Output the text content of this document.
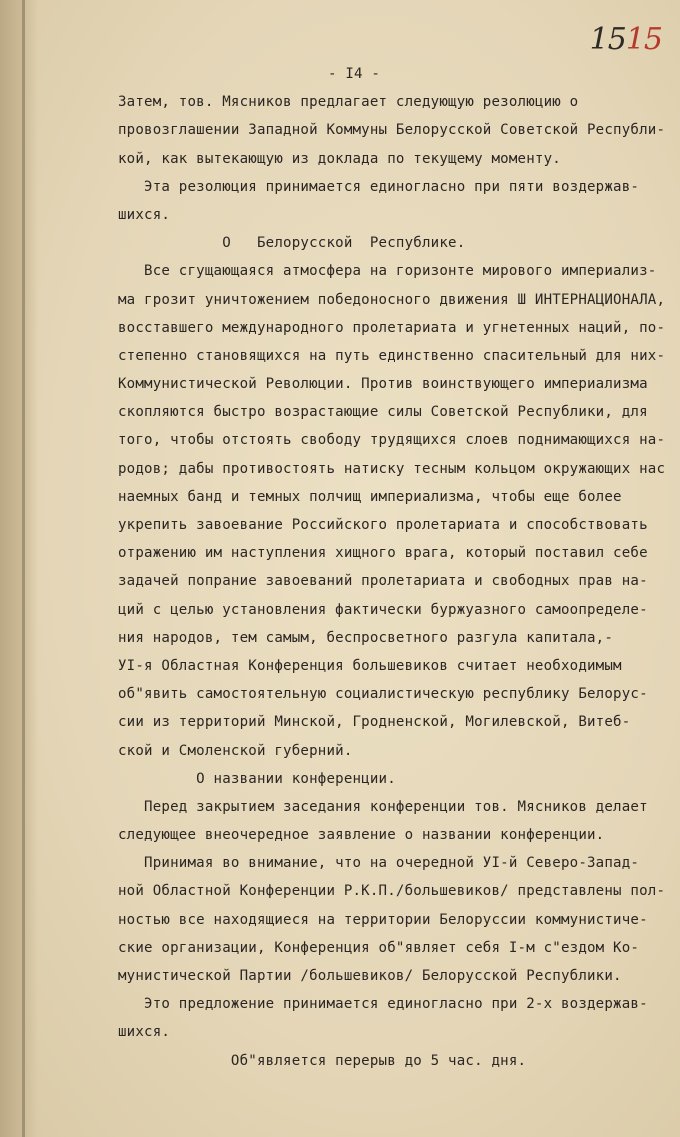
1515
- I4 -
Затем, тов. Мясников предлагает следующую резолюцию о
провозглашении Западной Коммуны Белорусской Советской Республи-
кой, как вытекающую из доклада по текущему моменту.
Эта резолюция принимается единогласно при пяти воздержав-
шихся.
О   Белорусской  Республике.
Все сгущающаяся атмосфера на горизонте мирового империализ-
ма грозит уничтожением победоносного движения Ш ИНТЕРНАЦИОНАЛА,
восставшего международного пролетариата и угнетенных наций, по-
степенно становящихся на путь единственно спасительный для них-
Коммунистической Революции. Против воинствующего империализма
скопляются быстро возрастающие силы Советской Республики, для
того, чтобы отстоять свободу трудящихся слоев поднимающихся на-
родов; дабы противостоять натиску тесным кольцом окружающих нас
наемных банд и темных полчищ империализма, чтобы еще более
укрепить завоевание Российского пролетариата и способствовать
отражению им наступления хищного врага, который поставил себе
задачей попрание завоеваний пролетариата и свободных прав на-
ций с целью установления фактически буржуазного самоопределе-
ния народов, тем самым, беспросветного разгула капитала,-
УI-я Областная Конференция большевиков считает необходимым
об"явить самостоятельную социалистическую республику Белорус-
сии из территорий Минской, Гродненской, Могилевской, Витеб-
ской и Смоленской губерний.
О названии конференции.
Перед закрытием заседания конференции тов. Мясников делает
следующее внеочередное заявление о названии конференции.
Принимая во внимание, что на очередной УI-й Северо-Запад-
ной Областной Конференции Р.К.П./большевиков/ представлены пол-
ностью все находящиеся на территории Белоруссии коммунистиче-
ские организации, Конференция об"являет себя I-м с"ездом Ко-
мунистической Партии /большевиков/ Белорусской Республики.
Это предложение принимается единогласно при 2-х воздержав-
шихся.
Об"является перерыв до 5 час. дня.
